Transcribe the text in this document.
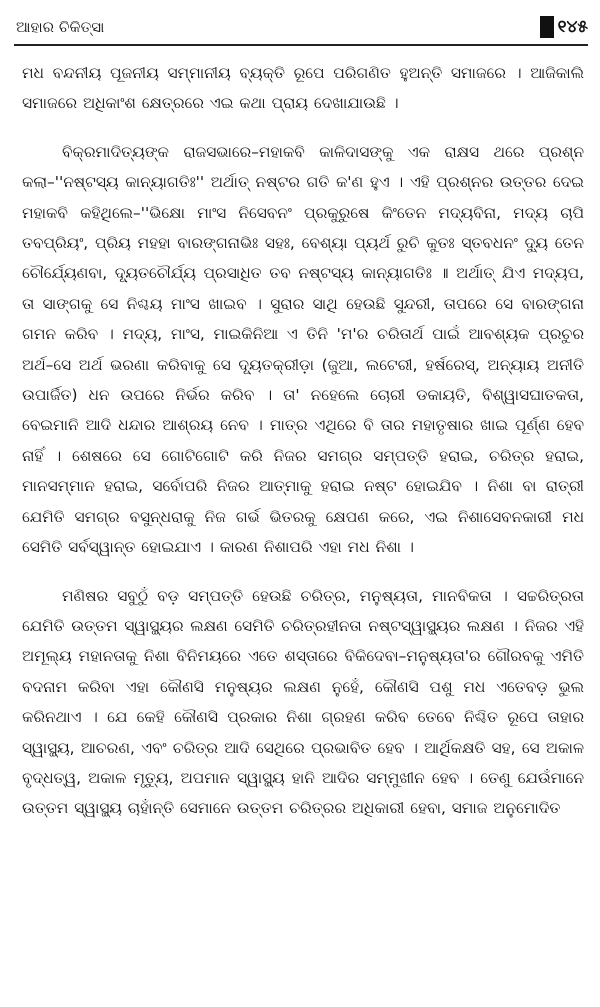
ଆହାର ଚିକିତ୍ସା	୧୪୫

ମଧ ବନ୍ଦନୀୟ ପୂଜନୀୟ ସମ୍ମାନୀୟ ବ୍ୟକ୍ତି ରୂପେ ପରିଗଣିତ ହୁଅନ୍ତି ସମାଜରେ । ଆଜିକାଲି ସମାଜରେ ଅଧିକାଂଶ କ୍ଷେତ୍ରରେ ଏଇ କଥା ପ୍ରାୟ ଦେଖାଯାଉଛି ।

ବିକ୍ରମାଦିତ୍ୟଙ୍କ ରାଜସଭାରେ–ମହାକବି କାଳିଦାସଙ୍କୁ ଏକ ରାକ୍ଷସ ଥରେ ପ୍ରଶ୍ନ କଲା–''ନଷ୍ଟସ୍ୟ କାନ୍ୟାଗତିଃ'' ଅର୍ଥାତ୍ ନଷ୍ଟର ଗତି କ'ଣ ହୁଏ । ଏହି ପ୍ରଶ୍ନର ଉତ୍ତର ଦେଇ ମହାକବି କହିଥିଲେ–''ଭିକ୍ଷୋ ମାଂସ ନିସେବନଂ ପ୍ରକୁରୁଷେ କିଂତେନ ମଦ୍ୟବିନା, ମଦ୍ୟ ଚାପି ତବପ୍ରିୟଂ, ପ୍ରିୟ ମହହା ବାରଙ୍ଗନାଭିଃ ସହଃ, ବେଶ୍ୟା ପ୍ୟର୍ଥ ରୁଚି କୁତଃ ସ୍ତବଧନଂ ଦ୍ୟୁ ତେନ ଚୌର୍ଯ୍ୟେଣବା, ଦ୍ୟୂତଚୌର୍ଯ୍ୟ ପ୍ରସାଧିତ ତବ ନଷ୍ଟସ୍ୟ କାନ୍ୟାଗତିଃ ॥ ଅର୍ଥାତ୍ ଯିଏ ମଦ୍ୟପ, ତା ସାଙ୍ଗକୁ ସେ ନିଶ୍ଚୟ ମାଂସ ଖାଇବ । ସୁରାର ସାଥି ହେଉଛି ସୁନ୍ଦରୀ, ତାପରେ ସେ ବାରଙ୍ଗନା ଗମନ କରିବ । ମଦ୍ୟ, ମାଂସ, ମାଇକିନିଆ ଏ ତିନି 'ମ'ର ଚରିତାର୍ଥ ପାଇଁ ଆବଶ୍ୟକ ପ୍ରଚୁର ଅର୍ଥ–ସେ ଅର୍ଥ ଭରଣା କରିବାକୁ ସେ ଦ୍ୟୂତକ୍ରୀଡ଼ା (ଜୁଆ, ଲଟେରୀ, ହର୍ଷରେସ୍, ଅନ୍ୟାୟ ଅନୀତି ଉପାର୍ଜିତ) ଧନ ଉପରେ ନିର୍ଭର କରିବ । ତା' ନହେଲେ ଚୋରୀ ଡକାୟତି, ବିଶ୍ୱାସଘାତକତା, ବେଇମାନି ଆଦି ଧନ୍ଦାର ଆଶ୍ରୟ ନେବ । ମାତ୍ର ଏଥିରେ ବି ତାର ମହାତୃଷାର ଖାଇ ପୂର୍ଣ୍ଣ ହେବ ନାହିଁ । ଶେଷରେ ସେ ଗୋଟିଗୋଟି କରି ନିଜର ସମଗ୍ର ସମ୍ପତ୍ତି ହରାଇ, ଚରିତ୍ର ହରାଇ, ମାନସମ୍ମାନ ହରାଇ, ସର୍ବୋପରି ନିଜର ଆତ୍ମାକୁ ହରାଇ ନଷ୍ଟ ହୋଇଯିବ । ନିଶା ବା ରାତ୍ରୀ ଯେମିତି ସମଗ୍ର ବସୁନ୍ଧରାକୁ ନିଜ ଗର୍ଭ ଭିତରକୁ କ୍ଷେପଣ କରେ, ଏଇ ନିଶାସେବନକାରୀ ମଧ ସେମିତି ସର୍ବସ୍ୱାନ୍ତ ହୋଇଯାଏ । କାରଣ ନିଶାପରି ଏହା ମଧ ନିଶା ।

ମଣିଷର ସବୁଠୁଁ ବଡ଼ ସମ୍ପତ୍ତି ହେଉଛି ଚରିତ୍ର, ମନୁଷ୍ୟତା, ମାନବିକତା । ସଚ୍ଚରିତ୍ରତା ଯେମିତି ଉତ୍ତମ ସ୍ୱାସ୍ଥ୍ୟର ଲକ୍ଷଣ ସେମିତି ଚରିତ୍ରହୀନତା ନଷ୍ଟସ୍ୱାସ୍ଥ୍ୟର ଲକ୍ଷଣ । ନିଜର ଏହି ଅମୂଲ୍ୟ ମହାନତାକୁ ନିଶା ବିନିମୟରେ ଏତେ ଶସ୍ତାରେ ବିକିଦେବା–ମନୁଷ୍ୟତା'ର ଗୌରବକୁ ଏମିତି ବଦନାମ କରିବା ଏହା କୌଣସି ମନୁଷ୍ୟର ଲକ୍ଷଣ ନୁହେଁ, କୌଣସି ପଶୁ ମଧ ଏତେବଡ଼ ଭୁଲ କରିନଥାଏ । ଯେ କେହି କୌଣସି ପ୍ରକାର ନିଶା ଗ୍ରହଣ କରିବ ତେବେ ନିଶ୍ଚିତ ରୂପେ ତାହାର ସ୍ୱାସ୍ଥ୍ୟ, ଆଚରଣ, ଏବଂ ଚରିତ୍ର ଆଦି ସେଥିରେ ପ୍ରଭାବିତ ହେବ । ଆର୍ଥିକକ୍ଷତି ସହ, ସେ ଅକାଳ ବୃଦ୍ଧତ୍ୱ, ଅକାଳ ମୃତ୍ୟୁ, ଅପମାନ ସ୍ୱାସ୍ଥ୍ୟ ହାନି ଆଦିର ସମ୍ମୁଖୀନ ହେବ । ତେଣୁ ଯେଉଁମାନେ ଉତ୍ତମ ସ୍ୱାସ୍ଥ୍ୟ ଚାହାଁନ୍ତି ସେମାନେ ଉତ୍ତମ ଚରିତ୍ରର ଅଧିକାରୀ ହେବା, ସମାଜ ଅନୁମୋଦିତ
